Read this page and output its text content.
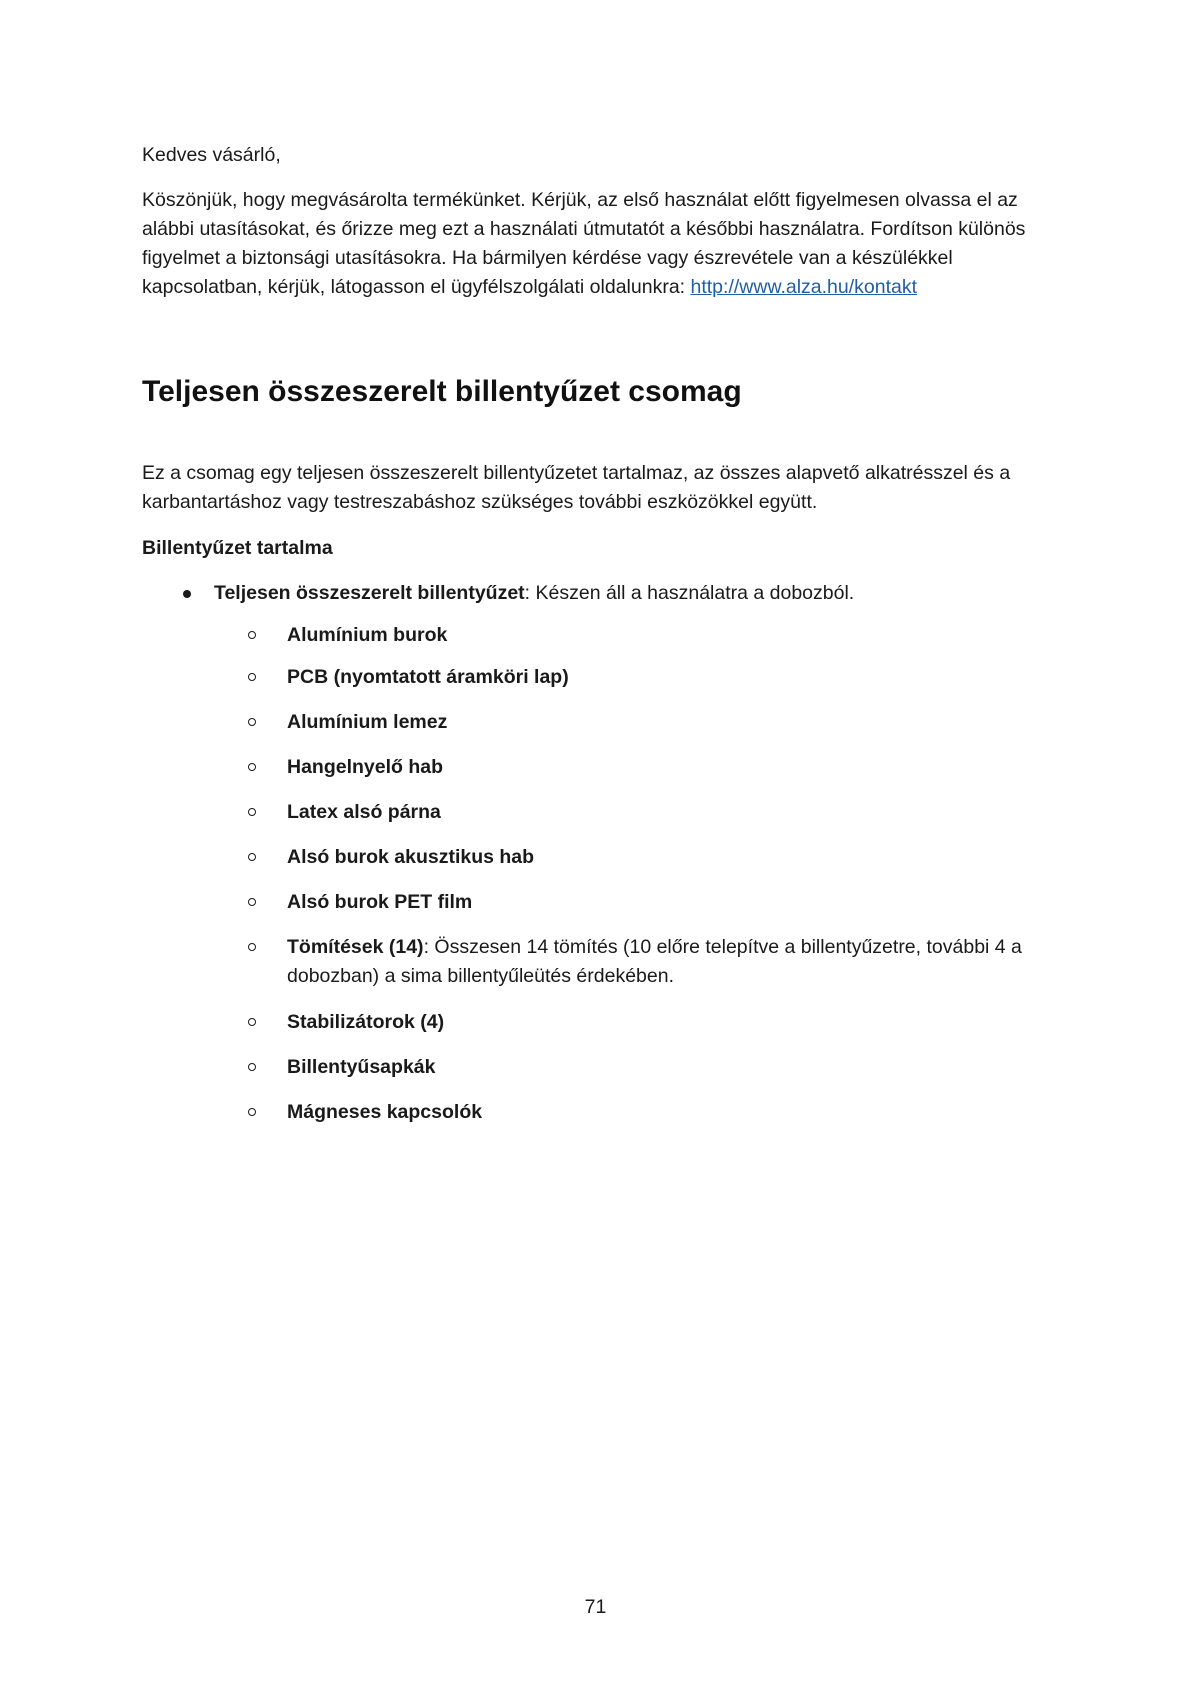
Kedves vásárló,
Köszönjük, hogy megvásárolta termékünket. Kérjük, az első használat előtt figyelmesen olvassa el az alábbi utasításokat, és őrizze meg ezt a használati útmutatót a későbbi használatra. Fordítson különös figyelmet a biztonsági utasításokra. Ha bármilyen kérdése vagy észrevétele van a készülékkel kapcsolatban, kérjük, látogasson el ügyfélszolgálati oldalunkra: http://www.alza.hu/kontakt
Teljesen összeszerelt billentyűzet csomag
Ez a csomag egy teljesen összeszerelt billentyűzetet tartalmaz, az összes alapvető alkatrésszel és a karbantartáshoz vagy testreszabáshoz szükséges további eszközökkel együtt.
Billentyűzet tartalma
Teljesen összeszerelt billentyűzet: Készen áll a használatra a dobozból.
Alumínium burok
PCB (nyomtatott áramköri lap)
Alumínium lemez
Hangelnyelő hab
Latex alsó párna
Alsó burok akusztikus hab
Alsó burok PET film
Tömítések (14): Összesen 14 tömítés (10 előre telepítve a billentyűzetre, további 4 a dobozban) a sima billentyűleütés érdekében.
Stabilizátorok (4)
Billentyűsapkák
Mágneses kapcsolók
71
